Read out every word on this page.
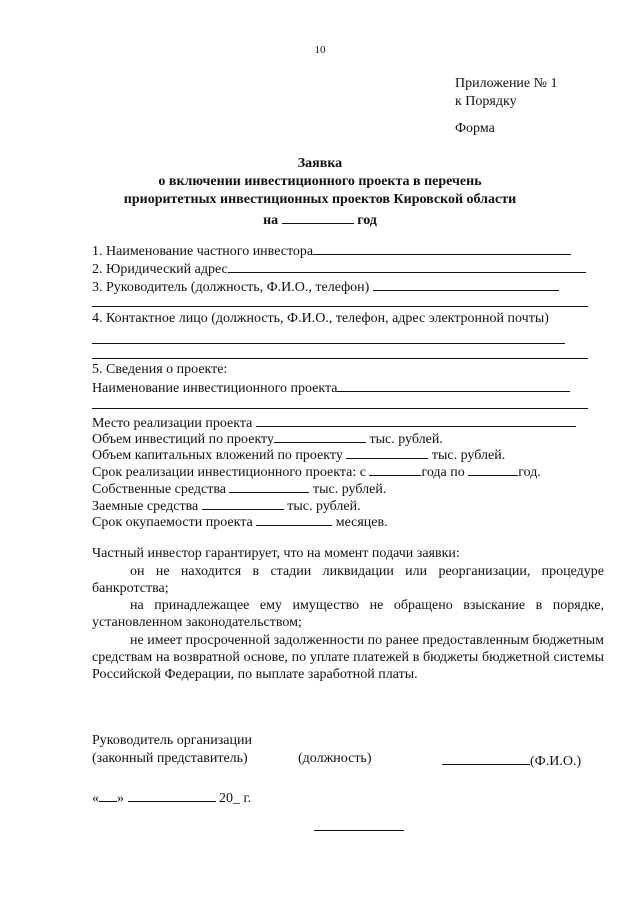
10
Приложение № 1
к Порядку
Форма
Заявка
о включении инвестиционного проекта в перечень
приоритетных инвестиционных проектов Кировской области
на	год
1. Наименование частного инвестора
2. Юридический адрес
3. Руководитель (должность, Ф.И.О., телефон)
4. Контактное лицо (должность, Ф.И.О., телефон, адрес электронной почты)
5. Сведения о проекте:
Наименование инвестиционного проекта
Место реализации проекта
Объем инвестиций по проекту	тыс. рублей.
Объем капитальных вложений по проекту	тыс. рублей.
Срок реализации инвестиционного проекта: с	года по	год.
Собственные средства	тыс. рублей.
Заемные средства	тыс. рублей.
Срок окупаемости проекта	месяцев.
Частный инвестор гарантирует, что на момент подачи заявки:
он не находится в стадии ликвидации или реорганизации, процедуре банкротства;
на принадлежащее ему имущество не обращено взыскание в порядке, установленном законодательством;
не имеет просроченной задолженности по ранее предоставленным бюджетным средствам на возвратной основе, по уплате платежей в бюджеты бюджетной системы Российской Федерации, по выплате заработной платы.
Руководитель организации
(законный представитель)	(должность)	(Ф.И.О.)
« »	20_ г.
